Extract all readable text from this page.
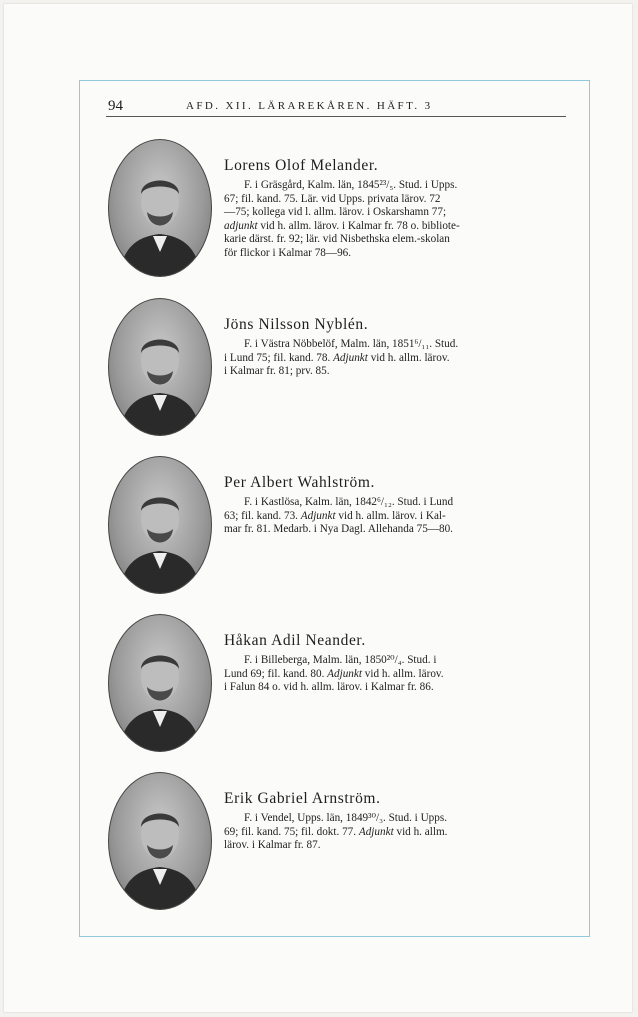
94	AFD. XII. LÄRAREKÅREN. HÄFT. 3
Lorens Olof Melander.
F. i Gräsgård, Kalm. län, 1845²³/₅. Stud. i Upps.
67; fil. kand. 75. Lär. vid Upps. privata lärov. 72
—75; kollega vid l. allm. lärov. i Oskarshamn 77;
adjunkt vid h. allm. lärov. i Kalmar fr. 78 o. bibliote-
karie därst. fr. 92; lär. vid Nisbethska elem.-skolan
för flickor i Kalmar 78—96.
Jöns Nilsson Nyblén.
F. i Västra Nöbbelöf, Malm. län, 1851⁶/₁₁. Stud.
i Lund 75; fil. kand. 78. Adjunkt vid h. allm. lärov.
i Kalmar fr. 81; prv. 85.
Per Albert Wahlström.
F. i Kastlösa, Kalm. län, 1842⁶/₁₂. Stud. i Lund
63; fil. kand. 73. Adjunkt vid h. allm. lärov. i Kal-
mar fr. 81. Medarb. i Nya Dagl. Allehanda 75—80.
Håkan Adil Neander.
F. i Billeberga, Malm. län, 1850²⁰/₄. Stud. i
Lund 69; fil. kand. 80. Adjunkt vid h. allm. lärov.
i Falun 84 o. vid h. allm. lärov. i Kalmar fr. 86.
Erik Gabriel Arnström.
F. i Vendel, Upps. län, 1849³⁰/₃. Stud. i Upps.
69; fil. kand. 75; fil. dokt. 77. Adjunkt vid h. allm.
lärov. i Kalmar fr. 87.
